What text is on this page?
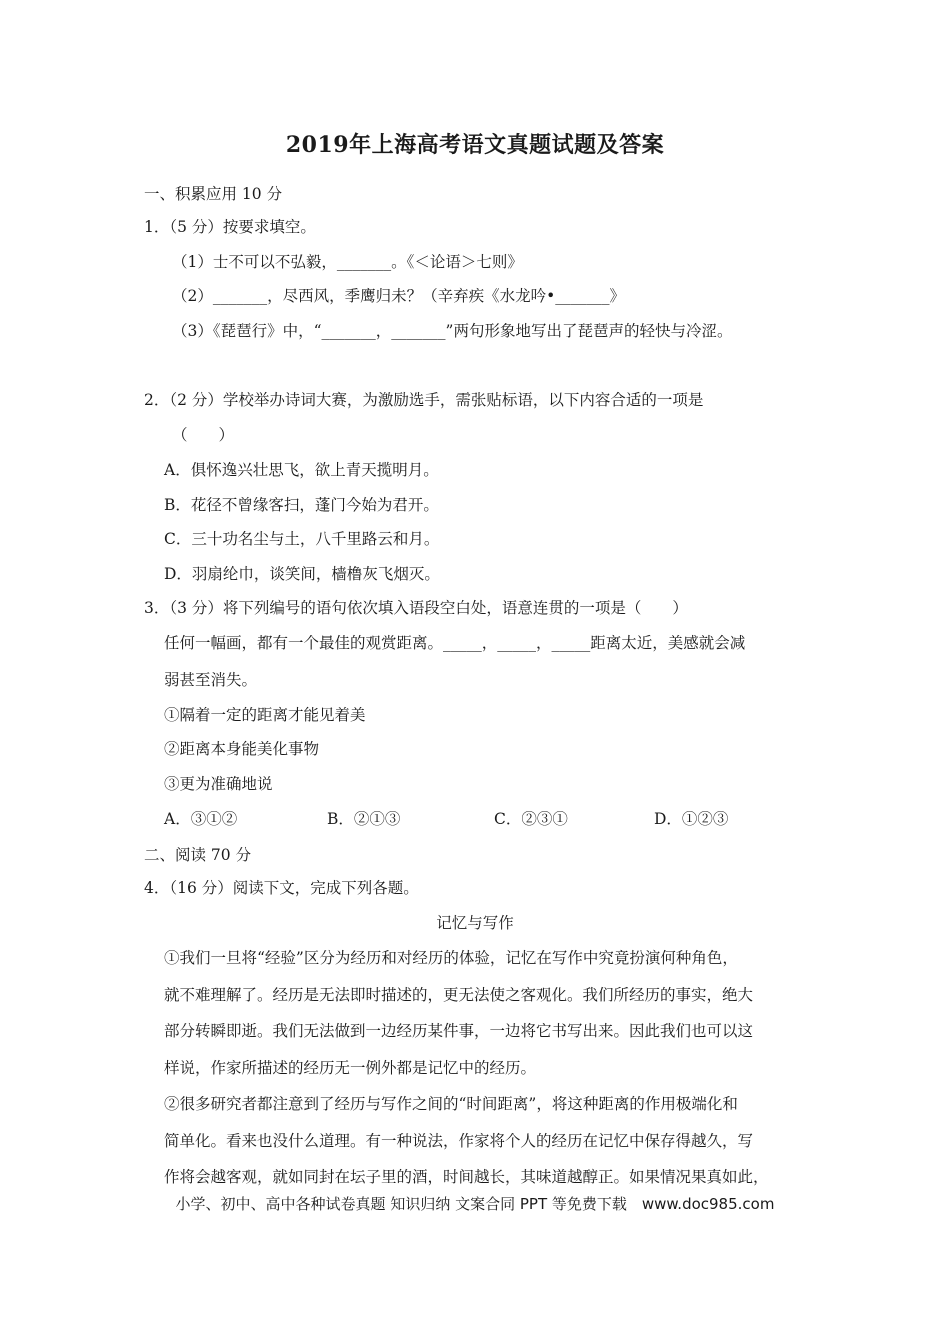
2019年上海高考语文真题试题及答案
一、积累应用 10 分
1．（5 分）按要求填空。
（1）士不可以不弘毅，_______。《＜论语＞七则》
（2）_______，尽西风，季鹰归未？（辛弃疾《水龙吟•_______》
（3）《琵琶行》中，“_______，_______”两句形象地写出了琵琶声的轻快与冷涩。
2．（2 分）学校举办诗词大赛，为激励选手，需张贴标语，以下内容合适的一项是
（　　）
A．俱怀逸兴壮思飞，欲上青天揽明月。
B．花径不曾缘客扫，蓬门今始为君开。
C．三十功名尘与土，八千里路云和月。
D．羽扇纶巾，谈笑间，樯橹灰飞烟灭。
3．（3 分）将下列编号的语句依次填入语段空白处，语意连贯的一项是（　　）
任何一幅画，都有一个最佳的观赏距离。_____，_____，_____距离太近，美感就会减
弱甚至消失。
①隔着一定的距离才能见着美
②距离本身能美化事物
③更为准确地说
A．③①②	B．②①③	C．②③①	D．①②③
二、阅读 70 分
4．（16 分）阅读下文，完成下列各题。
记忆与写作
①我们一旦将“经验”区分为经历和对经历的体验，记忆在写作中究竟扮演何种角色，
就不难理解了。经历是无法即时描述的，更无法使之客观化。我们所经历的事实，绝大
部分转瞬即逝。我们无法做到一边经历某件事，一边将它书写出来。因此我们也可以这
样说，作家所描述的经历无一例外都是记忆中的经历。
②很多研究者都注意到了经历与写作之间的“时间距离”，将这种距离的作用极端化和
简单化。看来也没什么道理。有一种说法，作家将个人的经历在记忆中保存得越久，写
作将会越客观，就如同封在坛子里的酒，时间越长，其味道越醇正。如果情况果真如此，
小学、初中、高中各种试卷真题 知识归纳 文案合同 PPT 等免费下载　www.doc985.com
